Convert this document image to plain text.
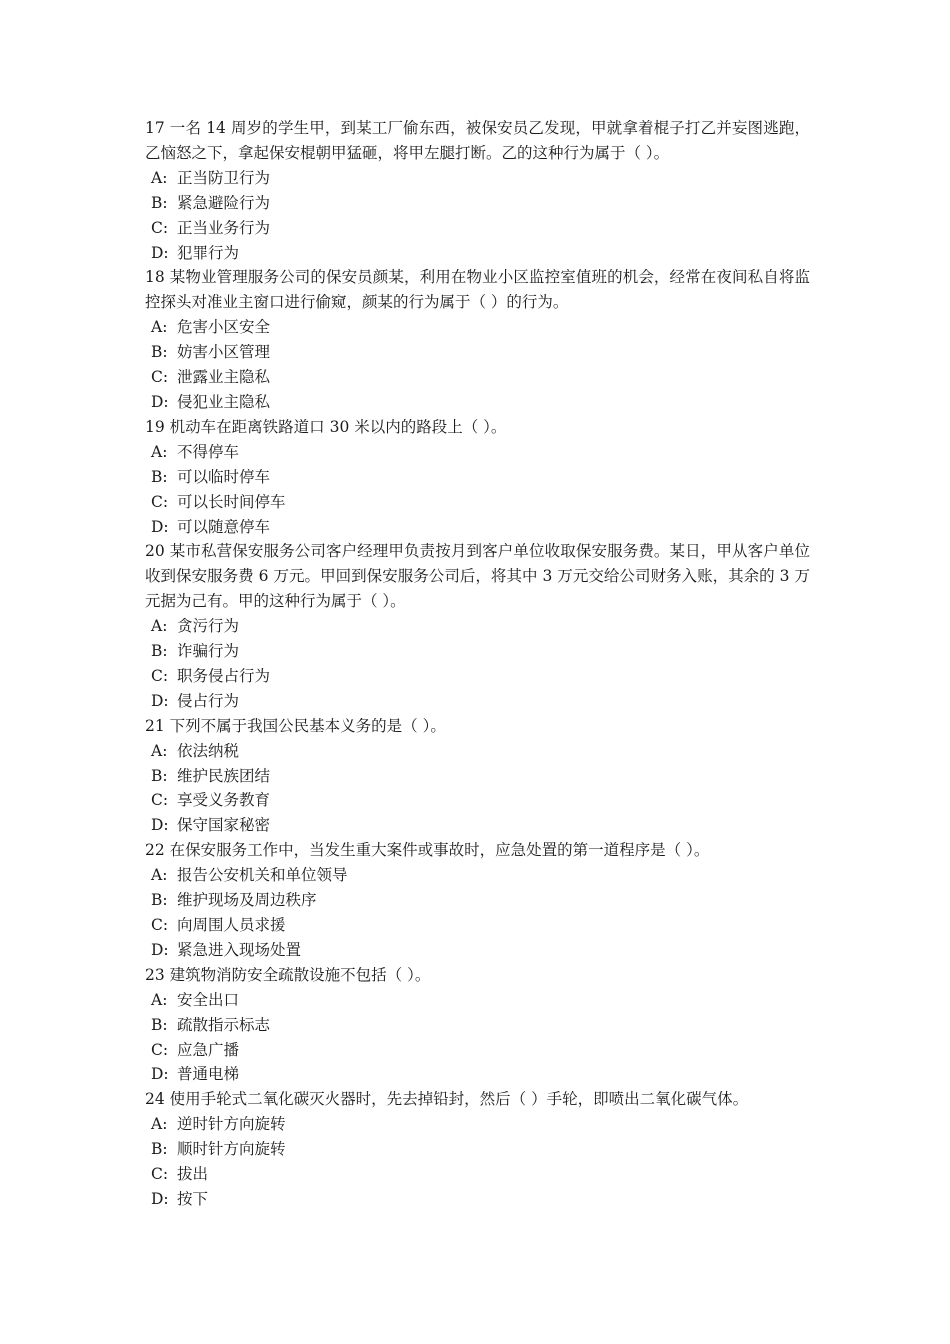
17 一名 14 周岁的学生甲，到某工厂偷东西，被保安员乙发现，甲就拿着棍子打乙并妄图逃跑，乙恼怒之下，拿起保安棍朝甲猛砸，将甲左腿打断。乙的这种行为属于（ ）。

A: 正当防卫行为
B: 紧急避险行为
C: 正当业务行为
D: 犯罪行为

18 某物业管理服务公司的保安员颜某，利用在物业小区监控室值班的机会，经常在夜间私自将监控探头对准业主窗口进行偷窥，颜某的行为属于（ ）的行为。

A: 危害小区安全
B: 妨害小区管理
C: 泄露业主隐私
D: 侵犯业主隐私

19 机动车在距离铁路道口 30 米以内的路段上（ ）。

A: 不得停车
B: 可以临时停车
C: 可以长时间停车
D: 可以随意停车

20 某市私营保安服务公司客户经理甲负责按月到客户单位收取保安服务费。某日，甲从客户单位收到保安服务费 6 万元。甲回到保安服务公司后，将其中 3 万元交给公司财务入账，其余的 3 万元据为己有。甲的这种行为属于（ ）。

A: 贪污行为
B: 诈骗行为
C: 职务侵占行为
D: 侵占行为

21 下列不属于我国公民基本义务的是（ ）。

A: 依法纳税
B: 维护民族团结
C: 享受义务教育
D: 保守国家秘密

22 在保安服务工作中，当发生重大案件或事故时，应急处置的第一道程序是（ ）。

A: 报告公安机关和单位领导
B: 维护现场及周边秩序
C: 向周围人员求援
D: 紧急进入现场处置

23 建筑物消防安全疏散设施不包括（ ）。

A: 安全出口
B: 疏散指示标志
C: 应急广播
D: 普通电梯

24 使用手轮式二氧化碳灭火器时，先去掉铅封，然后（ ）手轮，即喷出二氧化碳气体。

A: 逆时针方向旋转
B: 顺时针方向旋转
C: 拔出
D: 按下
